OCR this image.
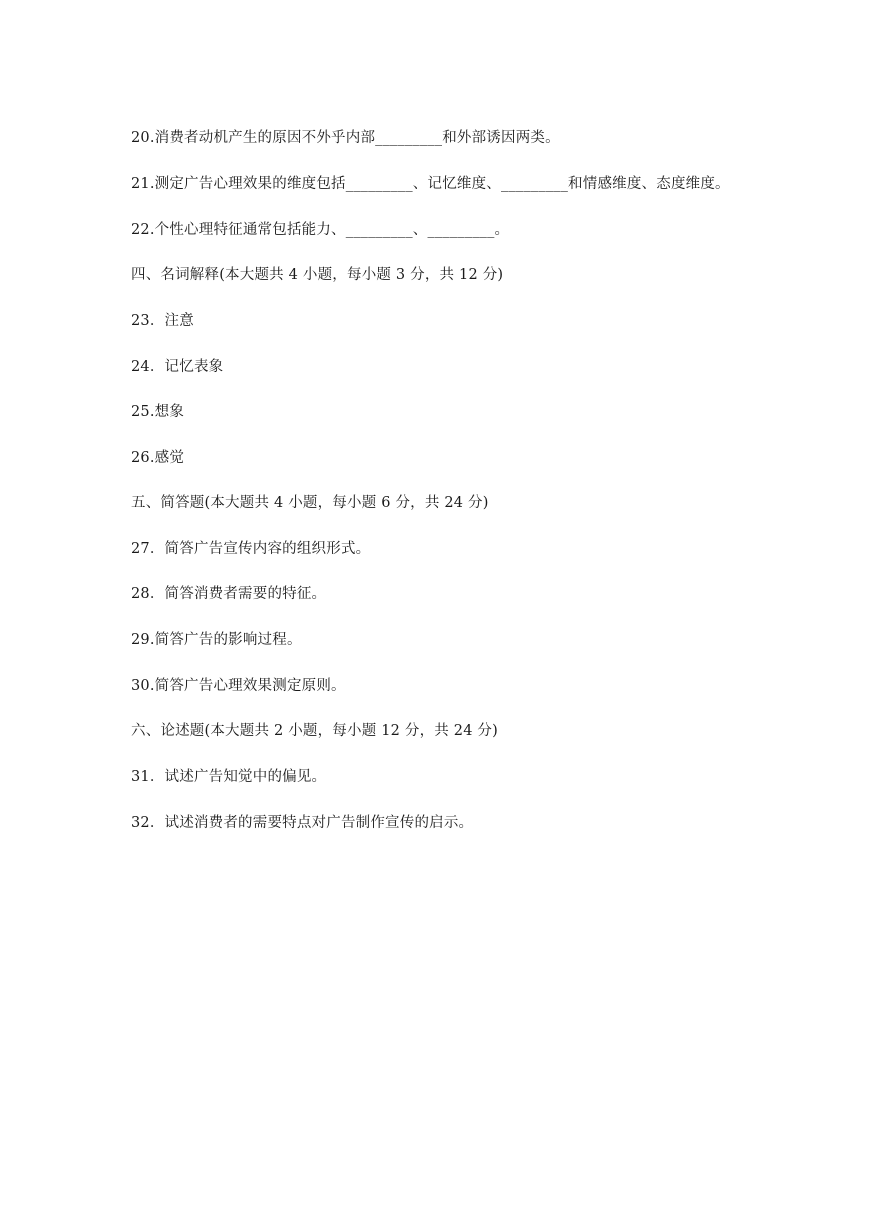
20.消费者动机产生的原因不外乎内部_________和外部诱因两类。
21.测定广告心理效果的维度包括_________、记忆维度、_________和情感维度、态度维度。
22.个性心理特征通常包括能力、_________、_________。
四、名词解释(本大题共 4 小题，每小题 3 分，共 12 分)
23．注意
24．记忆表象
25.想象
26.感觉
五、简答题(本大题共 4 小题，每小题 6 分，共 24 分)
27．简答广告宣传内容的组织形式。
28．简答消费者需要的特征。
29.简答广告的影响过程。
30.简答广告心理效果测定原则。
六、论述题(本大题共 2 小题，每小题 12 分，共 24 分)
31．试述广告知觉中的偏见。
32．试述消费者的需要特点对广告制作宣传的启示。
